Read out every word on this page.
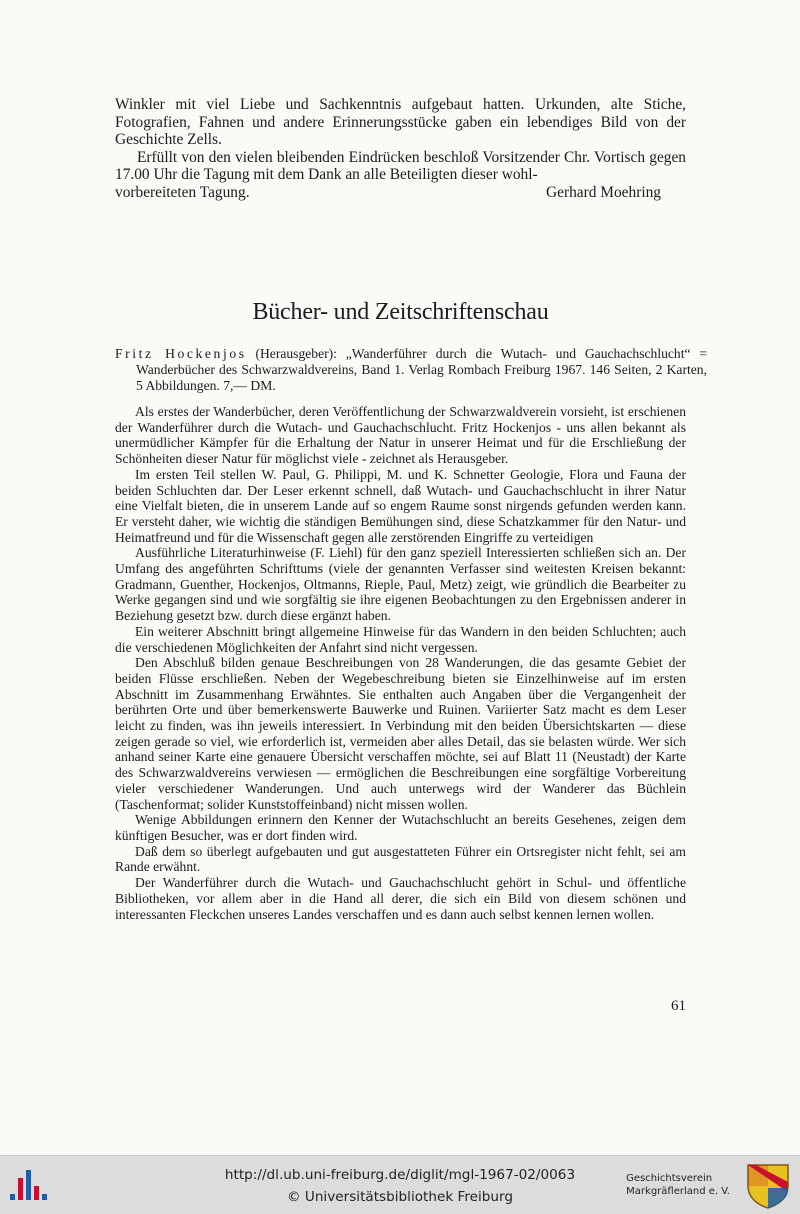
Winkler mit viel Liebe und Sachkenntnis aufgebaut hatten. Urkunden, alte Stiche, Fotografien, Fahnen und andere Erinnerungsstücke gaben ein lebendiges Bild von der Geschichte Zells.

Erfüllt von den vielen bleibenden Eindrücken beschloß Vorsitzender Chr. Vortisch gegen 17.00 Uhr die Tagung mit dem Dank an alle Beteiligten dieser wohl-

vorbereiteten Tagung.	Gerhard Moehring
Bücher- und Zeitschriftenschau
Fritz Hockenjos (Herausgeber): „Wanderführer durch die Wutach- und Gauchachschlucht“ = Wanderbücher des Schwarzwaldvereins, Band 1. Verlag Rombach Freiburg 1967. 146 Seiten, 2 Karten, 5 Abbildungen. 7,— DM.

Als erstes der Wanderbücher, deren Veröffentlichung der Schwarzwaldverein vorsieht, ist erschienen der Wanderführer durch die Wutach- und Gauchachschlucht. Fritz Hockenjos - uns allen bekannt als unermüdlicher Kämpfer für die Erhaltung der Natur in unserer Heimat und für die Erschließung der Schönheiten dieser Natur für möglichst viele - zeichnet als Herausgeber.

Im ersten Teil stellen W. Paul, G. Philippi, M. und K. Schnetter Geologie, Flora und Fauna der beiden Schluchten dar. Der Leser erkennt schnell, daß Wutach- und Gauchachschlucht in ihrer Natur eine Vielfalt bieten, die in unserem Lande auf so engem Raume sonst nirgends gefunden werden kann. Er versteht daher, wie wichtig die ständigen Bemühungen sind, diese Schatzkammer für den Natur- und Heimatfreund und für die Wissenschaft gegen alle zerstörenden Eingriffe zu verteidigen

Ausführliche Literaturhinweise (F. Liehl) für den ganz speziell Interessierten schließen sich an. Der Umfang des angeführten Schrifttums (viele der genannten Verfasser sind weitesten Kreisen bekannt: Gradmann, Guenther, Hockenjos, Oltmanns, Rieple, Paul, Metz) zeigt, wie gründlich die Bearbeiter zu Werke gegangen sind und wie sorgfältig sie ihre eigenen Beobachtungen zu den Ergebnissen anderer in Beziehung gesetzt bzw. durch diese ergänzt haben.

Ein weiterer Abschnitt bringt allgemeine Hinweise für das Wandern in den beiden Schluchten; auch die verschiedenen Möglichkeiten der Anfahrt sind nicht vergessen.

Den Abschluß bilden genaue Beschreibungen von 28 Wanderungen, die das gesamte Gebiet der beiden Flüsse erschließen. Neben der Wegebeschreibung bieten sie Einzelhinweise auf im ersten Abschnitt im Zusammenhang Erwähntes. Sie enthalten auch Angaben über die Vergangenheit der berührten Orte und über bemerkenswerte Bauwerke und Ruinen. Variierter Satz macht es dem Leser leicht zu finden, was ihn jeweils interessiert. In Verbindung mit den beiden Übersichtskarten — diese zeigen gerade so viel, wie erforderlich ist, vermeiden aber alles Detail, das sie belasten würde. Wer sich anhand seiner Karte eine genauere Übersicht verschaffen möchte, sei auf Blatt 11 (Neustadt) der Karte des Schwarzwaldvereins verwiesen — ermöglichen die Beschreibungen eine sorgfältige Vorbereitung vieler verschiedener Wanderungen. Und auch unterwegs wird der Wanderer das Büchlein (Taschenformat; solider Kunststoffeinband) nicht missen wollen.

Wenige Abbildungen erinnern den Kenner der Wutachschlucht an bereits Gesehenes, zeigen dem künftigen Besucher, was er dort finden wird.

Daß dem so überlegt aufgebauten und gut ausgestatteten Führer ein Ortsregister nicht fehlt, sei am Rande erwähnt.

Der Wanderführer durch die Wutach- und Gauchachschlucht gehört in Schul- und öffentliche Bibliotheken, vor allem aber in die Hand all derer, die sich ein Bild von diesem schönen und interessanten Fleckchen unseres Landes verschaffen und es dann auch selbst kennen lernen wollen.

61
http://dl.ub.uni-freiburg.de/diglit/mgl-1967-02/0063
© Universitätsbibliothek Freiburg
Geschichtsverein
Markgräflerland e. V.
